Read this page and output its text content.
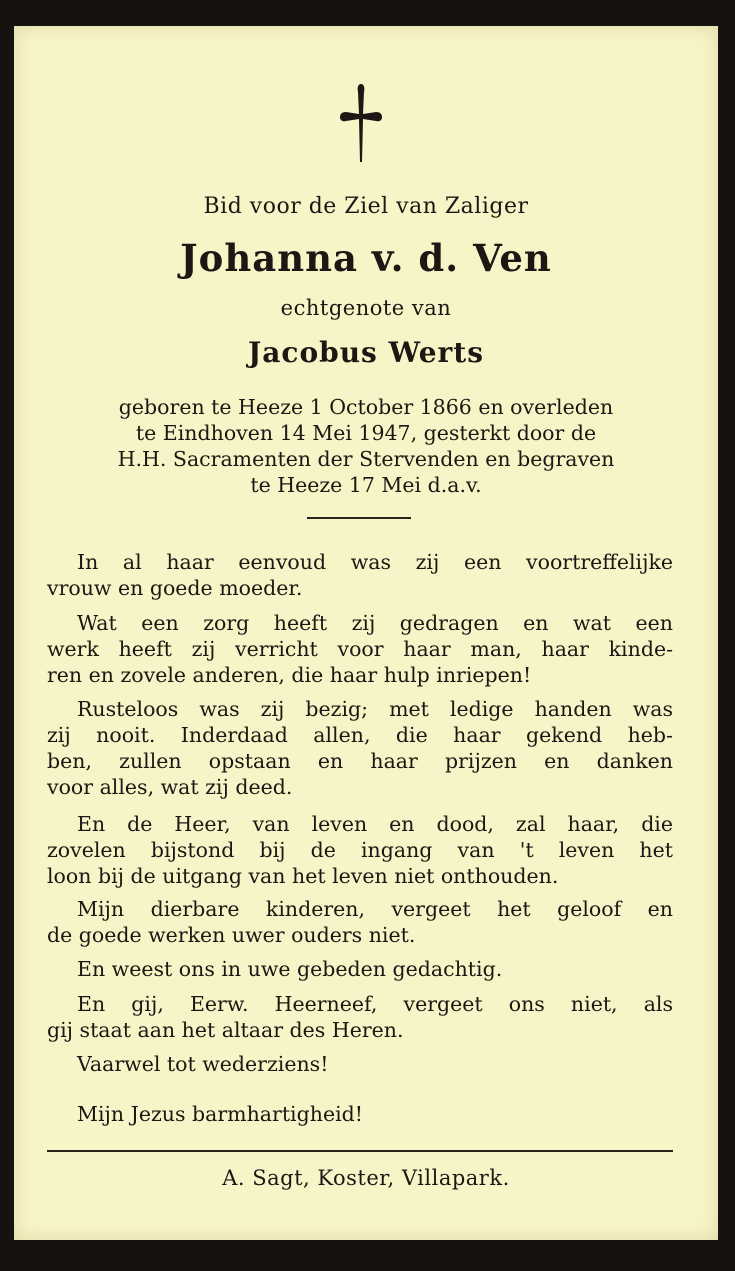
Bid voor de Ziel van Zaliger
Johanna v. d. Ven
echtgenote van
Jacobus Werts
geboren te Heeze 1 October 1866 en overleden
te Eindhoven 14 Mei 1947, gesterkt door de
H.H. Sacramenten der Stervenden en begraven
te Heeze 17 Mei d.a.v.
In al haar eenvoud was zij een voortreffelijke
vrouw en goede moeder.
Wat een zorg heeft zij gedragen en wat een
werk heeft zij verricht voor haar man, haar kinde-
ren en zovele anderen, die haar hulp inriepen!
Rusteloos was zij bezig; met ledige handen was
zij nooit. Inderdaad allen, die haar gekend heb-
ben, zullen opstaan en haar prijzen en danken
voor alles, wat zij deed.
En de Heer, van leven en dood, zal haar, die
zovelen bijstond bij de ingang van 't leven het
loon bij de uitgang van het leven niet onthouden.
Mijn dierbare kinderen, vergeet het geloof en
de goede werken uwer ouders niet.
En weest ons in uwe gebeden gedachtig.
En gij, Eerw. Heerneef, vergeet ons niet, als
gij staat aan het altaar des Heren.
Vaarwel tot wederziens!
Mijn Jezus barmhartigheid!
A. Sagt, Koster, Villapark.
